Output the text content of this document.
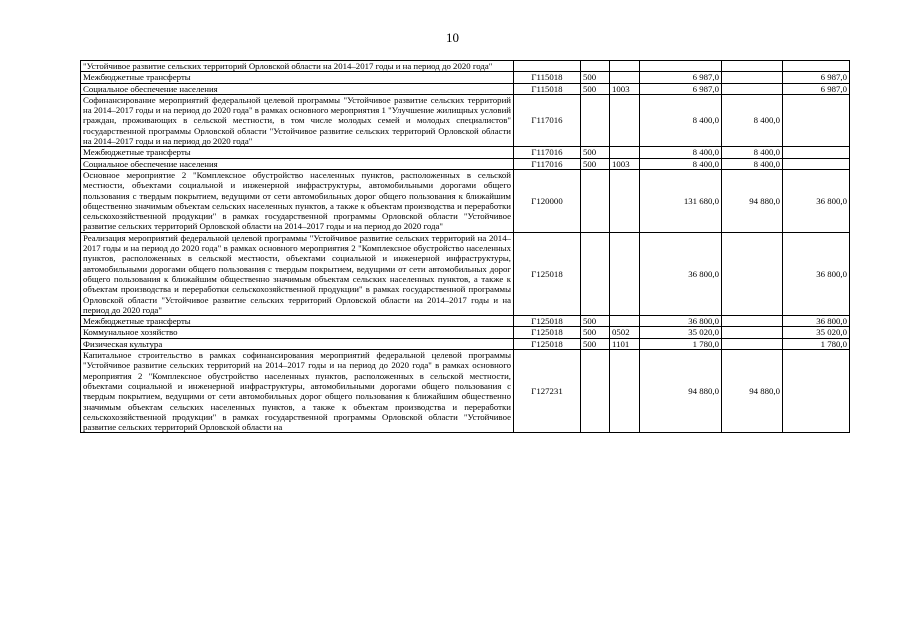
10
"Устойчивое развитие сельских территорий Орловской области на 2014–2017 годы и на период до 2020 года"						
Межбюджетные трансферты	Г115018	500		6 987,0		6 987,0
Социальное обеспечение населения	Г115018	500	1003	6 987,0		6 987,0
Софинансирование мероприятий федеральной целевой программы "Устойчивое развитие сельских территорий на 2014–2017 годы и на период до 2020 года" в рамках основного мероприятия 1 "Улучшение жилищных условий граждан, проживающих в сельской местности, в том числе молодых семей и молодых специалистов" государственной программы Орловской области "Устойчивое развитие сельских территорий Орловской области на 2014–2017 годы и на период до 2020 года"	Г117016			8 400,0	8 400,0	
Межбюджетные трансферты	Г117016	500		8 400,0	8 400,0	
Социальное обеспечение населения	Г117016	500	1003	8 400,0	8 400,0	
Основное мероприятие 2 "Комплексное обустройство населенных пунктов, расположенных в сельской местности, объектами социальной и инженерной инфраструктуры, автомобильными дорогами общего пользования с твердым покрытием, ведущими от сети автомобильных дорог общего пользования к ближайшим общественно значимым объектам сельских населенных пунктов, а также к объектам производства и переработки сельскохозяйственной продукции" в рамках государственной программы Орловской области "Устойчивое развитие сельских территорий Орловской области на 2014–2017 годы и на период до 2020 года"	Г120000			131 680,0	94 880,0	36 800,0
Реализация мероприятий федеральной целевой программы "Устойчивое развитие сельских территорий на 2014–2017 годы и на период до 2020 года" в рамках основного мероприятия 2 "Комплексное обустройство населенных пунктов, расположенных в сельской местности, объектами социальной и инженерной инфраструктуры, автомобильными дорогами общего пользования с твердым покрытием, ведущими от сети автомобильных дорог общего пользования к ближайшим общественно значимым объектам сельских населенных пунктов, а также к объектам производства и переработки сельскохозяйственной продукции" в рамках государственной программы Орловской области "Устойчивое развитие сельских территорий Орловской области на 2014–2017 годы и на период до 2020 года"	Г125018			36 800,0		36 800,0
Межбюджетные трансферты	Г125018	500		36 800,0		36 800,0
Коммунальное хозяйство	Г125018	500	0502	35 020,0		35 020,0
Физическая культура	Г125018	500	1101	1 780,0		1 780,0
Капитальное строительство в рамках софинансирования мероприятий федеральной целевой программы "Устойчивое развитие сельских территорий на 2014–2017 годы и на период до 2020 года" в рамках основного мероприятия 2 "Комплексное обустройство населенных пунктов, расположенных в сельской местности, объектами социальной и инженерной инфраструктуры, автомобильными дорогами общего пользования с твердым покрытием, ведущими от сети автомобильных дорог общего пользования к ближайшим общественно значимым объектам сельских населенных пунктов, а также к объектам производства и переработки сельскохозяйственной продукции" в рамках государственной программы Орловской области "Устойчивое развитие сельских территорий Орловской области на	Г127231			94 880,0	94 880,0	
